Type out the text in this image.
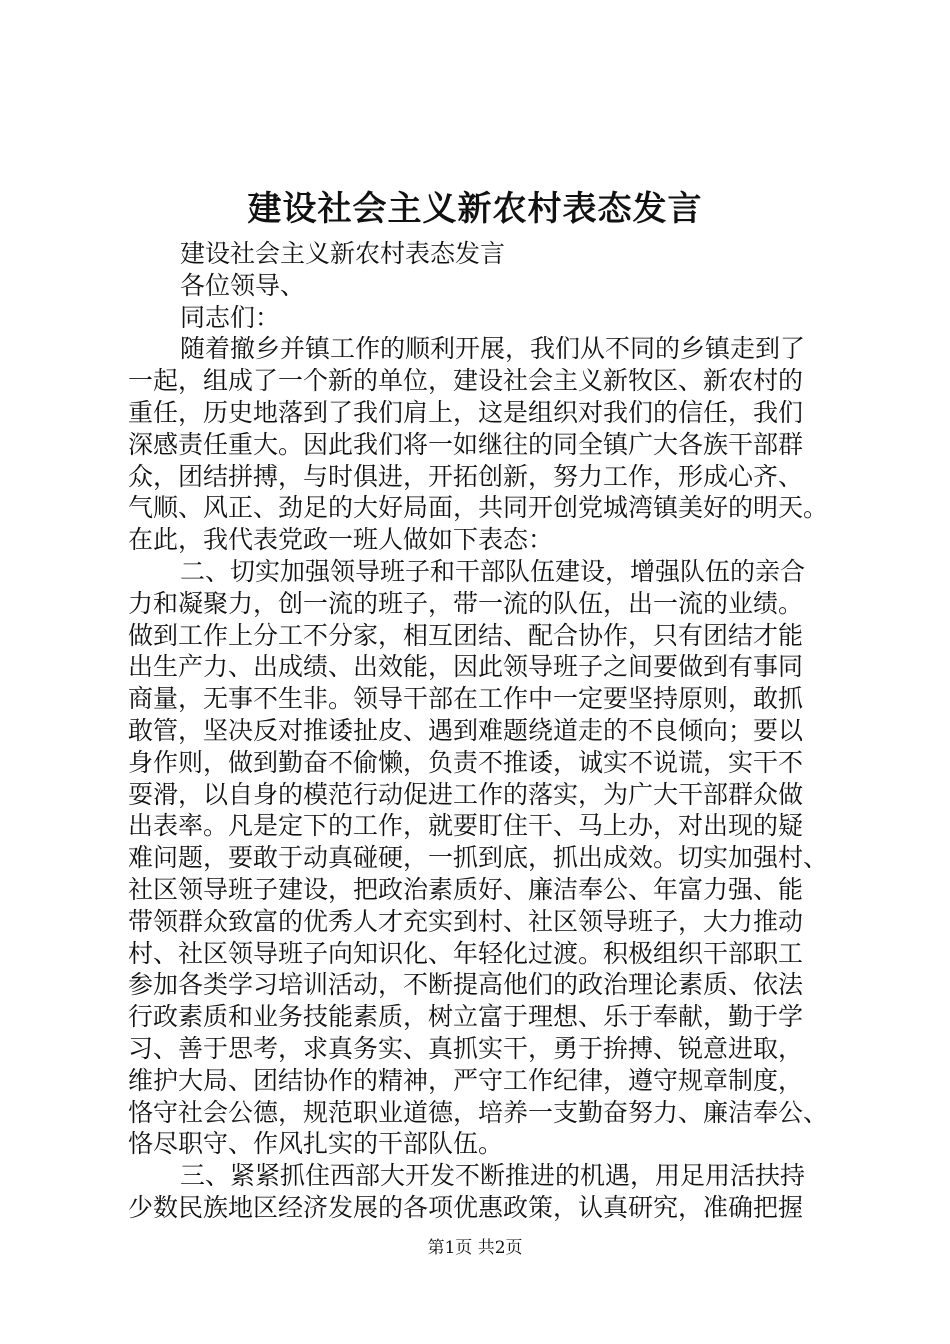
建设社会主义新农村表态发言
建设社会主义新农村表态发言
各位领导、
同志们：
随着撤乡并镇工作的顺利开展，我们从不同的乡镇走到了
一起，组成了一个新的单位，建设社会主义新牧区、新农村的
重任，历史地落到了我们肩上，这是组织对我们的信任，我们
深感责任重大。因此我们将一如继往的同全镇广大各族干部群
众，团结拼搏，与时俱进，开拓创新，努力工作，形成心齐、
气顺、风正、劲足的大好局面，共同开创党城湾镇美好的明天。
在此，我代表党政一班人做如下表态：
二、切实加强领导班子和干部队伍建设，增强队伍的亲合
力和凝聚力，创一流的班子，带一流的队伍，出一流的业绩。
做到工作上分工不分家，相互团结、配合协作，只有团结才能
出生产力、出成绩、出效能，因此领导班子之间要做到有事同
商量，无事不生非。领导干部在工作中一定要坚持原则，敢抓
敢管，坚决反对推诿扯皮、遇到难题绕道走的不良倾向；要以
身作则，做到勤奋不偷懒，负责不推诿，诚实不说谎，实干不
耍滑，以自身的模范行动促进工作的落实，为广大干部群众做
出表率。凡是定下的工作，就要盯住干、马上办，对出现的疑
难问题，要敢于动真碰硬，一抓到底，抓出成效。切实加强村、
社区领导班子建设，把政治素质好、廉洁奉公、年富力强、能
带领群众致富的优秀人才充实到村、社区领导班子，大力推动
村、社区领导班子向知识化、年轻化过渡。积极组织干部职工
参加各类学习培训活动，不断提高他们的政治理论素质、依法
行政素质和业务技能素质，树立富于理想、乐于奉献，勤于学
习、善于思考，求真务实、真抓实干，勇于拚搏、锐意进取，
维护大局、团结协作的精神，严守工作纪律，遵守规章制度，
恪守社会公德，规范职业道德，培养一支勤奋努力、廉洁奉公、
恪尽职守、作风扎实的干部队伍。
三、紧紧抓住西部大开发不断推进的机遇，用足用活扶持
少数民族地区经济发展的各项优惠政策，认真研究，准确把握
第1页 共2页
